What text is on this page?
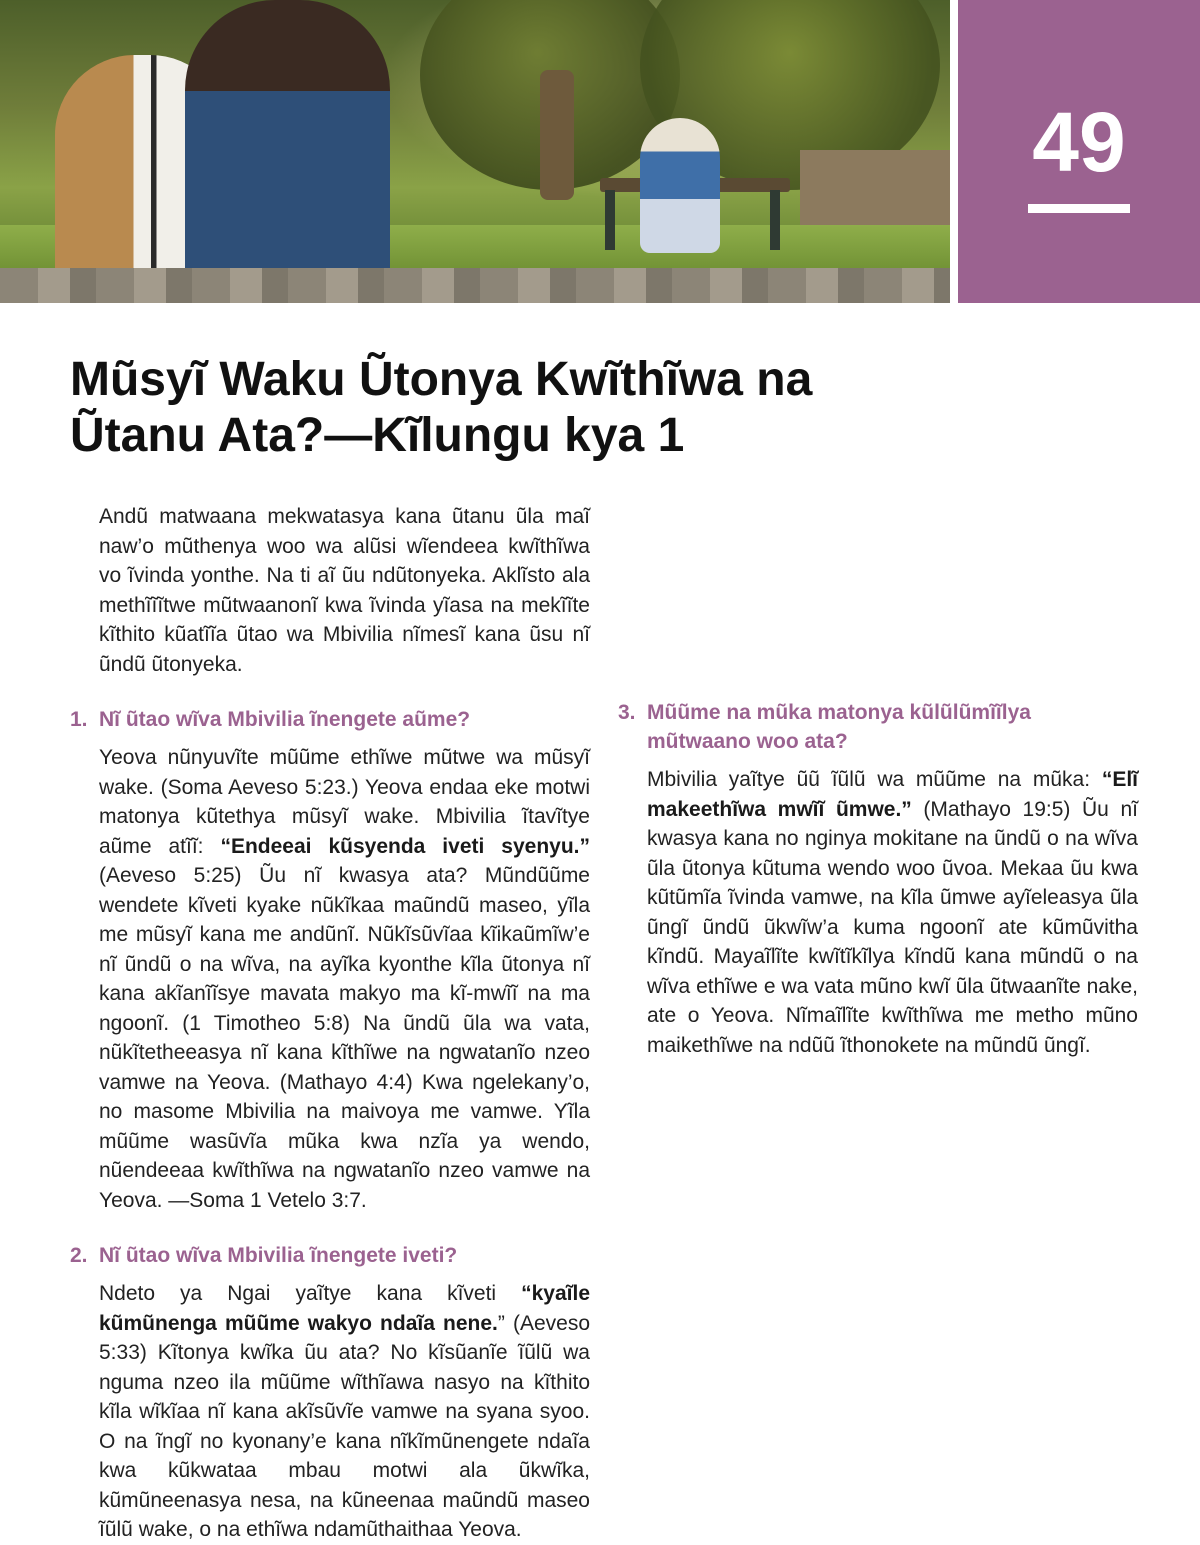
49
Mũsyĩ Waku Ũtonya Kwĩthĩwa na
Ũtanu Ata?—Kĩlungu kya 1

Andũ matwaana mekwatasya kana ũtanu ũla maĩ naw’o mũthenya woo wa alũsi wĩendeea kwĩthĩwa vo ĩvinda yonthe. Na ti aĩ ũu ndũtonyeka. Aklĩsto ala methĩĩĩtwe mũtwaanonĩ kwa ĩvinda yĩasa na mekĩĩte kĩthito kũatĩĩa ũtao wa Mbivilia nĩmesĩ kana ũsu nĩ ũndũ ũtonyeka.

1. Nĩ ũtao wĩva Mbivilia ĩnengete aũme?

Yeova nũnyuvĩte mũũme ethĩwe mũtwe wa mũsyĩ wake. (Soma Aeveso 5:23.) Yeova endaa eke motwi matonya kũtethya mũsyĩ wake. Mbivilia ĩtavĩtye aũme atĩĩ: “Endeeai kũsyenda iveti syenyu.” (Aeveso 5:25) Ũu nĩ kwasya ata? Mũndũũme wendete kĩveti kyake nũkĩkaa maũndũ maseo, yĩla me mũsyĩ kana me andũnĩ. Nũkĩsũvĩaa kĩikaũmĩw’e nĩ ũndũ o na wĩva, na ayĩka kyonthe kĩla ũtonya nĩ kana akĩanĩĩsye mavata makyo ma kĩ-mwĩĩ na ma ngoonĩ. (1 Timotheo 5:8) Na ũndũ ũla wa vata, nũkĩtetheeasya nĩ kana kĩthĩwe na ngwatanĩo nzeo vamwe na Yeova. (Mathayo 4:4) Kwa ngelekany’o, no masome Mbivilia na maivoya me vamwe. Yĩla mũũme wasũvĩa mũka kwa nzĩa ya wendo, nũendeeaa kwĩthĩwa na ngwatanĩo nzeo vamwe na Yeova. —Soma 1 Vetelo 3:7.

2. Nĩ ũtao wĩva Mbivilia ĩnengete iveti?

Ndeto ya Ngai yaĩtye kana kĩveti “kyaĩle kũmũnenga mũũme wakyo ndaĩa nene.” (Aeveso 5:33) Kĩtonya kwĩka ũu ata? No kĩsũanĩe ĩũlũ wa nguma nzeo ila mũũme wĩthĩawa nasyo na kĩthito kĩla wĩkĩaa nĩ kana akĩsũvĩe vamwe na syana syoo. O na ĩngĩ no kyonany’e kana nĩkĩmũnengete ndaĩa kwa kũkwataa mbau motwi ala ũkwĩka, kũmũneenasya nesa, na kũneenaa maũndũ maseo ĩũlũ wake, o na ethĩwa ndamũthaithaa Yeova.

3. Mũũme na mũka matonya kũlũlũmĩĩlya mũtwaano woo ata?

Mbivilia yaĩtye ũũ ĩũlũ wa mũũme na mũka: “Elĩ makeethĩwa mwĩĩ ũmwe.” (Mathayo 19:5) Ũu nĩ kwasya kana no nginya mokitane na ũndũ o na wĩva ũla ũtonya kũtuma wendo woo ũvoa. Mekaa ũu kwa kũtũmĩa ĩvinda vamwe, na kĩla ũmwe ayĩeleasya ũla ũngĩ ũndũ ũkwĩw’a kuma ngoonĩ ate kũmũvitha kĩndũ. Mayaĩlĩte kwĩtĩkĩlya kĩndũ kana mũndũ o na wĩva ethĩwe e wa vata mũno kwĩ ũla ũtwaanĩte nake, ate o Yeova. Nĩmaĩlĩte kwĩthĩwa me metho mũno maikethĩwe na ndũũ ĩthonokete na mũndũ ũngĩ.
